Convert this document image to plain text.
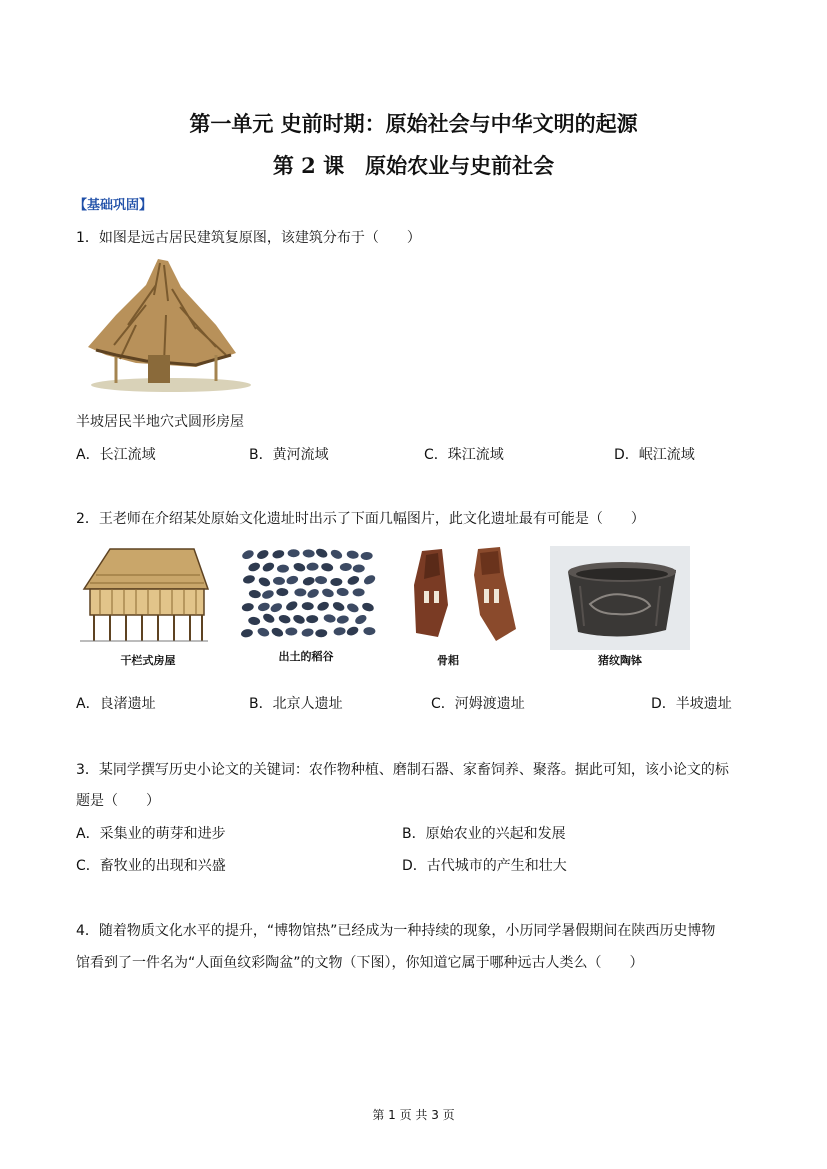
第一单元 史前时期：原始社会与中华文明的起源
第 2 课　原始农业与史前社会
【基础巩固】
1．如图是远古居民建筑复原图，该建筑分布于（　　）
半坡居民半地穴式圆形房屋
A．长江流域	B．黄河流域	C．珠江流域	D．岷江流域
2．王老师在介绍某处原始文化遗址时出示了下面几幅图片，此文化遗址最有可能是（　　）
干栏式房屋	出土的稻谷	骨耜	猪纹陶钵
A．良渚遗址	B．北京人遗址	C．河姆渡遗址	D．半坡遗址
3．某同学撰写历史小论文的关键词：农作物种植、磨制石器、家畜饲养、聚落。据此可知，该小论文的标
题是（　　）
A．采集业的萌芽和进步	B．原始农业的兴起和发展
C．畜牧业的出现和兴盛	D．古代城市的产生和壮大
4．随着物质文化水平的提升，“博物馆热”已经成为一种持续的现象，小历同学暑假期间在陕西历史博物
馆看到了一件名为“人面鱼纹彩陶盆”的文物（下图），你知道它属于哪种远古人类么（　　）
第 1 页 共 3 页
